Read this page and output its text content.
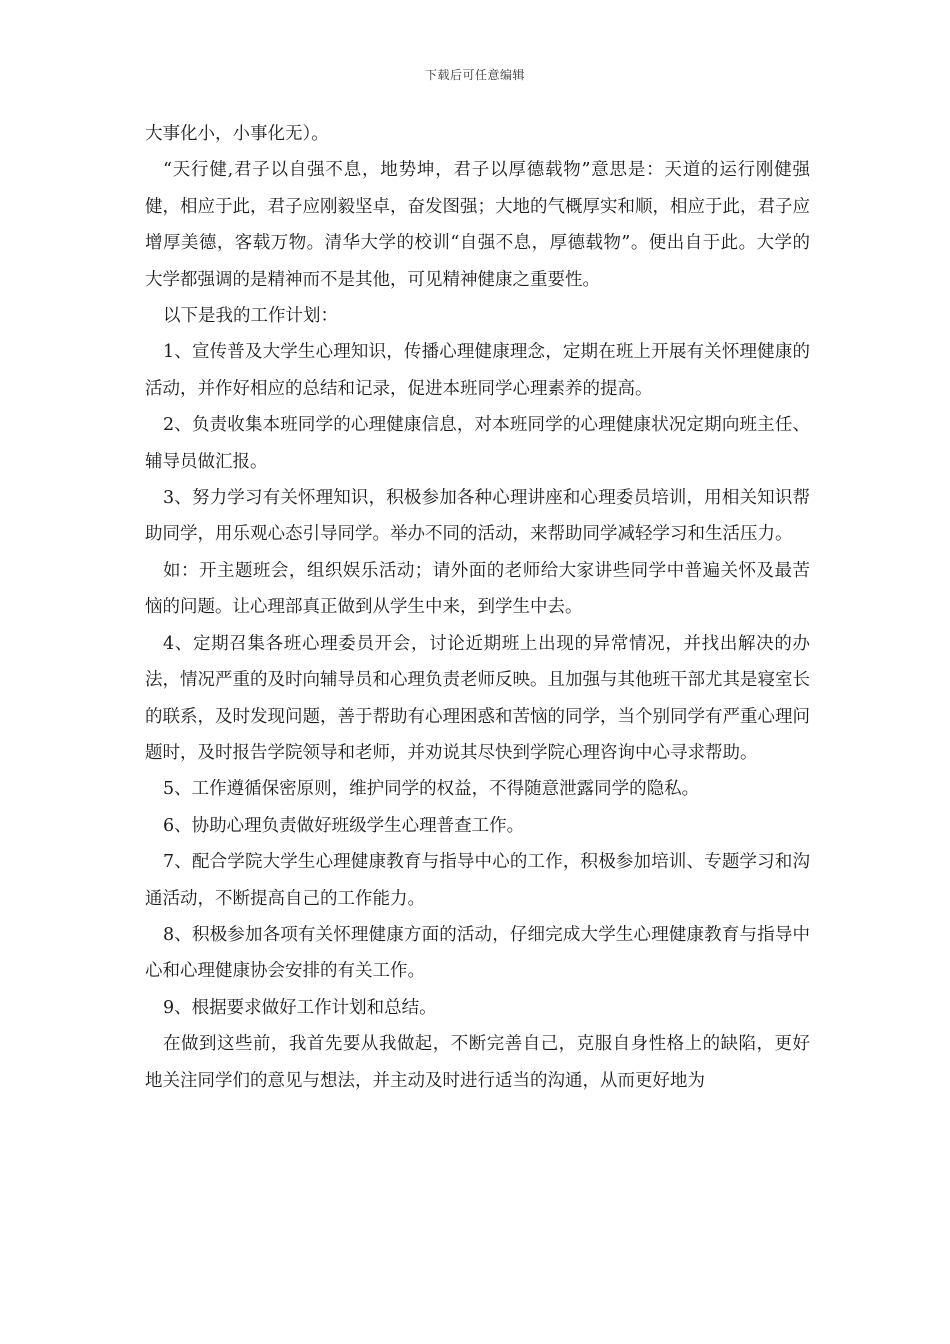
下载后可任意编辑

大事化小，小事化无）。

“天行健,君子以自强不息，地势坤，君子以厚德载物”意思是：天道的运行刚健强健，相应于此，君子应刚毅坚卓，奋发图强；大地的气概厚实和顺，相应于此，君子应增厚美德，客载万物。清华大学的校训“自强不息，厚德载物”。便出自于此。大学的大学都强调的是精神而不是其他，可见精神健康之重要性。

以下是我的工作计划：

1、宣传普及大学生心理知识，传播心理健康理念，定期在班上开展有关怀理健康的活动，并作好相应的总结和记录，促进本班同学心理素养的提高。

2、负责收集本班同学的心理健康信息，对本班同学的心理健康状况定期向班主任、辅导员做汇报。

3、努力学习有关怀理知识，积极参加各种心理讲座和心理委员培训，用相关知识帮助同学，用乐观心态引导同学。举办不同的活动，来帮助同学减轻学习和生活压力。

如：开主题班会，组织娱乐活动；请外面的老师给大家讲些同学中普遍关怀及最苦恼的问题。让心理部真正做到从学生中来，到学生中去。

4、定期召集各班心理委员开会，讨论近期班上出现的异常情况，并找出解决的办法，情况严重的及时向辅导员和心理负责老师反映。且加强与其他班干部尤其是寝室长的联系，及时发现问题，善于帮助有心理困惑和苦恼的同学，当个别同学有严重心理问题时，及时报告学院领导和老师，并劝说其尽快到学院心理咨询中心寻求帮助。

5、工作遵循保密原则，维护同学的权益，不得随意泄露同学的隐私。

6、协助心理负责做好班级学生心理普查工作。

7、配合学院大学生心理健康教育与指导中心的工作，积极参加培训、专题学习和沟通活动，不断提高自己的工作能力。

8、积极参加各项有关怀理健康方面的活动，仔细完成大学生心理健康教育与指导中心和心理健康协会安排的有关工作。

9、根据要求做好工作计划和总结。

在做到这些前，我首先要从我做起，不断完善自己，克服自身性格上的缺陷，更好地关注同学们的意见与想法，并主动及时进行适当的沟通，从而更好地为
